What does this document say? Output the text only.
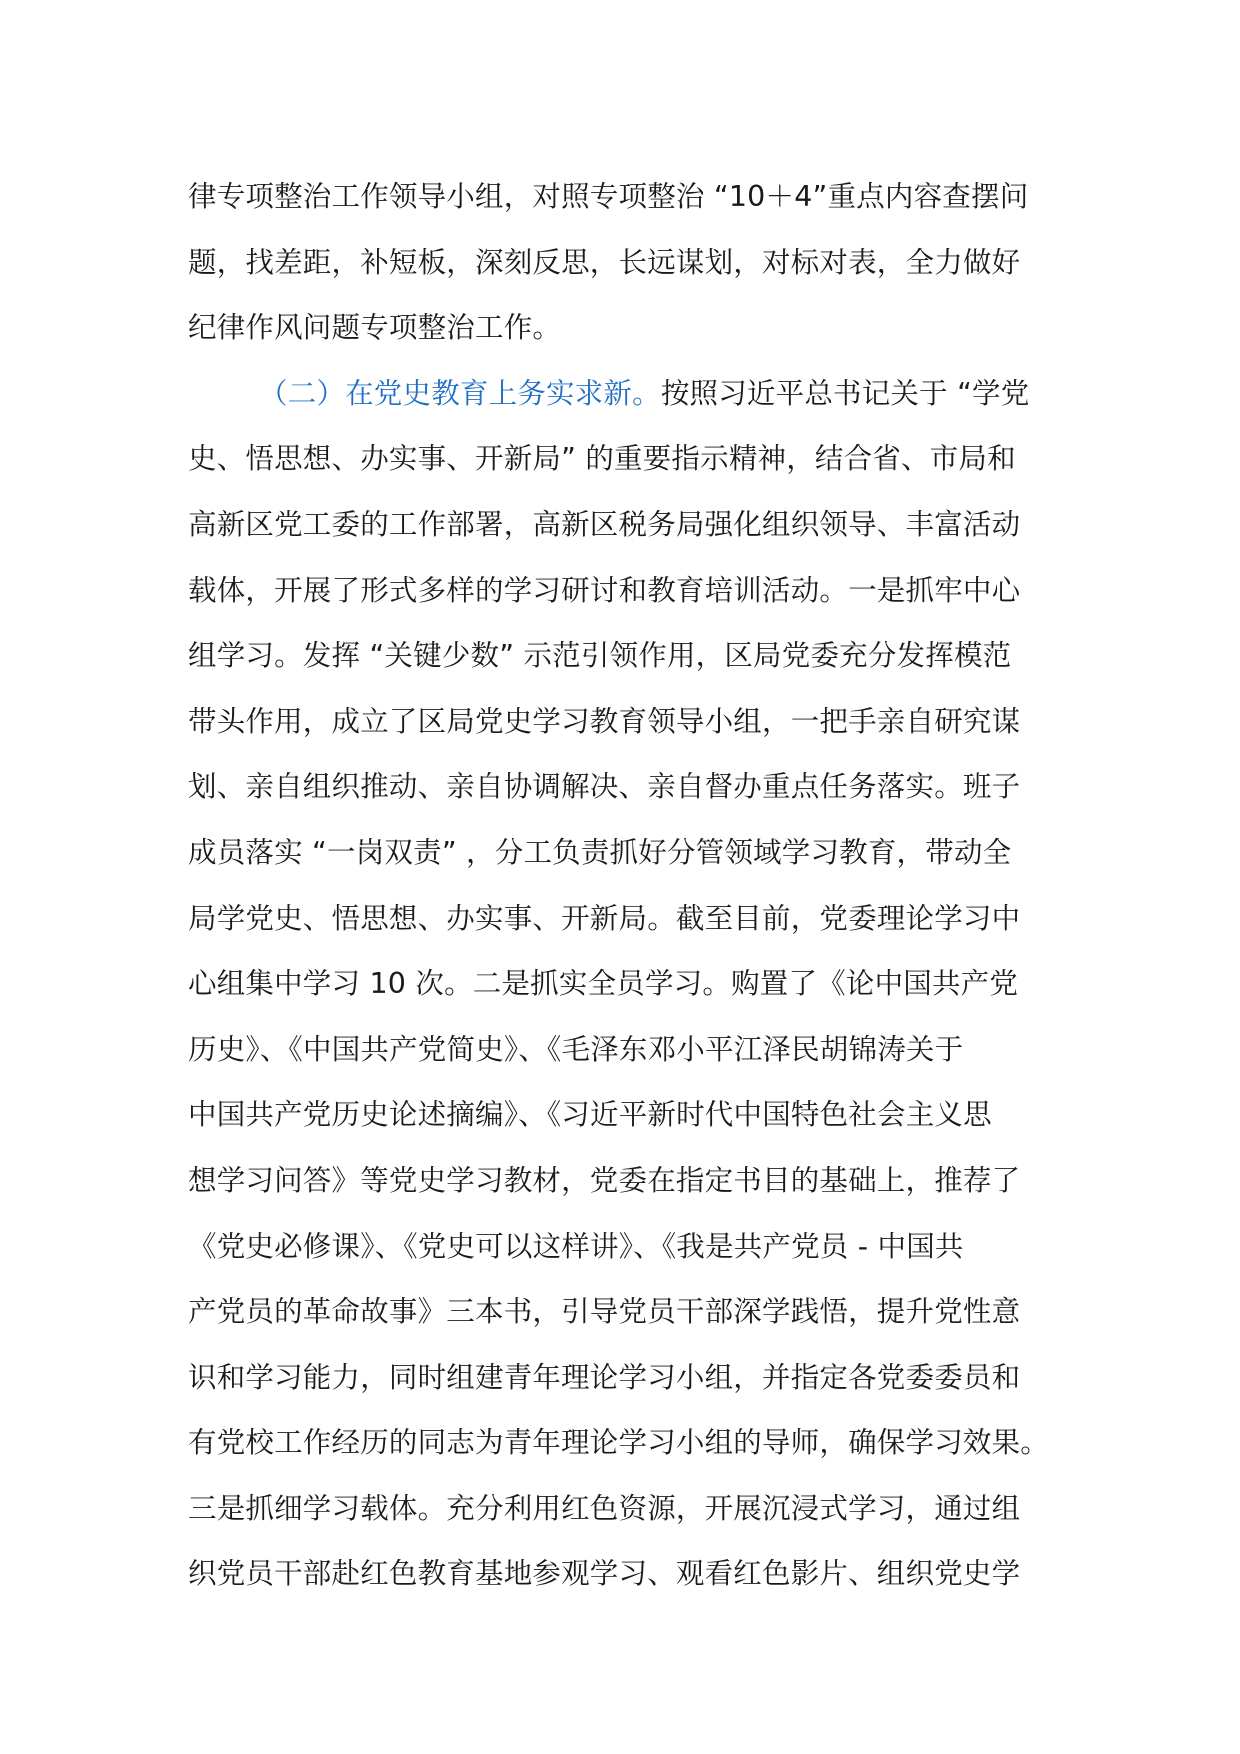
律专项整治工作领导小组，对照专项整治 “10＋4”重点内容查摆问
题，找差距，补短板，深刻反思，长远谋划，对标对表，全力做好
纪律作风问题专项整治工作。
（二）在党史教育上务实求新。按照习近平总书记关于 “学党
史、悟思想、办实事、开新局” 的重要指示精神，结合省、市局和
高新区党工委的工作部署，高新区税务局强化组织领导、丰富活动
载体，开展了形式多样的学习研讨和教育培训活动。一是抓牢中心
组学习。发挥 “关键少数” 示范引领作用，区局党委充分发挥模范
带头作用，成立了区局党史学习教育领导小组，一把手亲自研究谋
划、亲自组织推动、亲自协调解决、亲自督办重点任务落实。班子
成员落实 “一岗双责” ，分工负责抓好分管领域学习教育，带动全
局学党史、悟思想、办实事、开新局。截至目前，党委理论学习中
心组集中学习 10 次。二是抓实全员学习。购置了《论中国共产党
历史》、《中国共产党简史》、《毛泽东邓小平江泽民胡锦涛关于
中国共产党历史论述摘编》、《习近平新时代中国特色社会主义思
想学习问答》等党史学习教材，党委在指定书目的基础上，推荐了
《党史必修课》、《党史可以这样讲》、《我是共产党员 - 中国共
产党员的革命故事》三本书，引导党员干部深学践悟，提升党性意
识和学习能力，同时组建青年理论学习小组，并指定各党委委员和
有党校工作经历的同志为青年理论学习小组的导师，确保学习效果。
三是抓细学习载体。充分利用红色资源，开展沉浸式学习，通过组
织党员干部赴红色教育基地参观学习、观看红色影片、组织党史学
